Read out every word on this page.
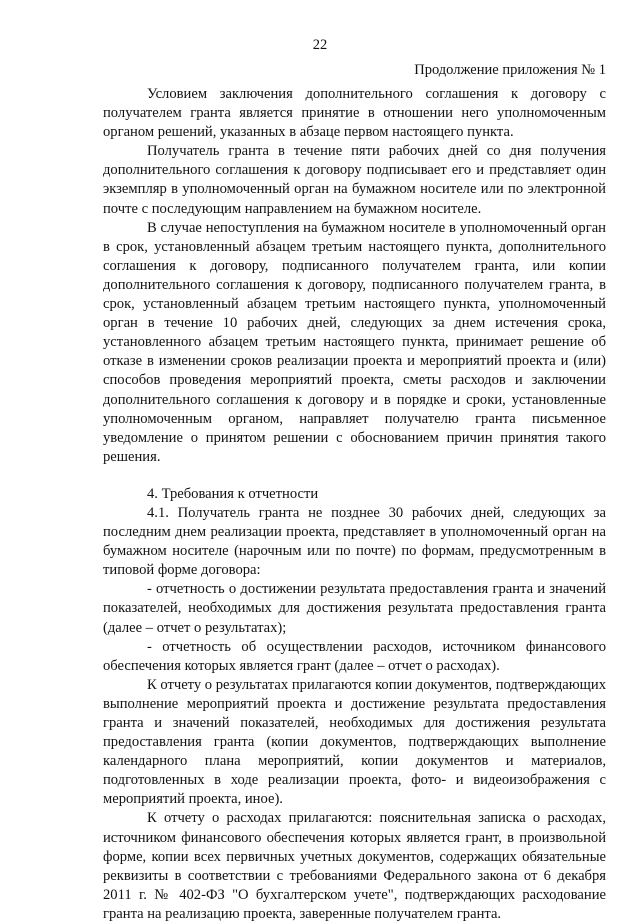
22
Продолжение приложения № 1

Условием заключения дополнительного соглашения к договору с получателем гранта является принятие в отношении него уполномоченным органом решений, указанных в абзаце первом настоящего пункта.

Получатель гранта в течение пяти рабочих дней со дня получения дополнительного соглашения к договору подписывает его и представляет один экземпляр в уполномоченный орган на бумажном носителе или по электронной почте с последующим направлением на бумажном носителе.

В случае непоступления на бумажном носителе в уполномоченный орган в срок, установленный абзацем третьим настоящего пункта, дополнительного соглашения к договору, подписанного получателем гранта, или копии дополнительного соглашения к договору, подписанного получателем гранта, в срок, установленный абзацем третьим настоящего пункта, уполномоченный орган в течение 10 рабочих дней, следующих за днем истечения срока, установленного абзацем третьим настоящего пункта, принимает решение об отказе в изменении сроков реализации проекта и мероприятий проекта и (или) способов проведения мероприятий проекта, сметы расходов и заключении дополнительного соглашения к договору и в порядке и сроки, установленные уполномоченным органом, направляет получателю гранта письменное уведомление о принятом решении с обоснованием причин принятия такого решения.

4. Требования к отчетности

4.1. Получатель гранта не позднее 30 рабочих дней, следующих за последним днем реализации проекта, представляет в уполномоченный орган на бумажном носителе (нарочным или по почте) по формам, предусмотренным в типовой форме договора:

- отчетность о достижении результата предоставления гранта и значений показателей, необходимых для достижения результата предоставления гранта (далее – отчет о результатах);

- отчетность об осуществлении расходов, источником финансового обеспечения которых является грант (далее – отчет о расходах).

К отчету о результатах прилагаются копии документов, подтверждающих выполнение мероприятий проекта и достижение результата предоставления гранта и значений показателей, необходимых для достижения результата предоставления гранта (копии документов, подтверждающих выполнение календарного плана мероприятий, копии документов и материалов, подготовленных в ходе реализации проекта, фото- и видеоизображения с мероприятий проекта, иное).

К отчету о расходах прилагаются: пояснительная записка о расходах, источником финансового обеспечения которых является грант, в произвольной форме, копии всех первичных учетных документов, содержащих обязательные реквизиты в соответствии с требованиями Федерального закона от 6 декабря 2011 г. № 402-ФЗ "О бухгалтерском учете", подтверждающих расходование гранта на реализацию проекта, заверенные получателем гранта.
